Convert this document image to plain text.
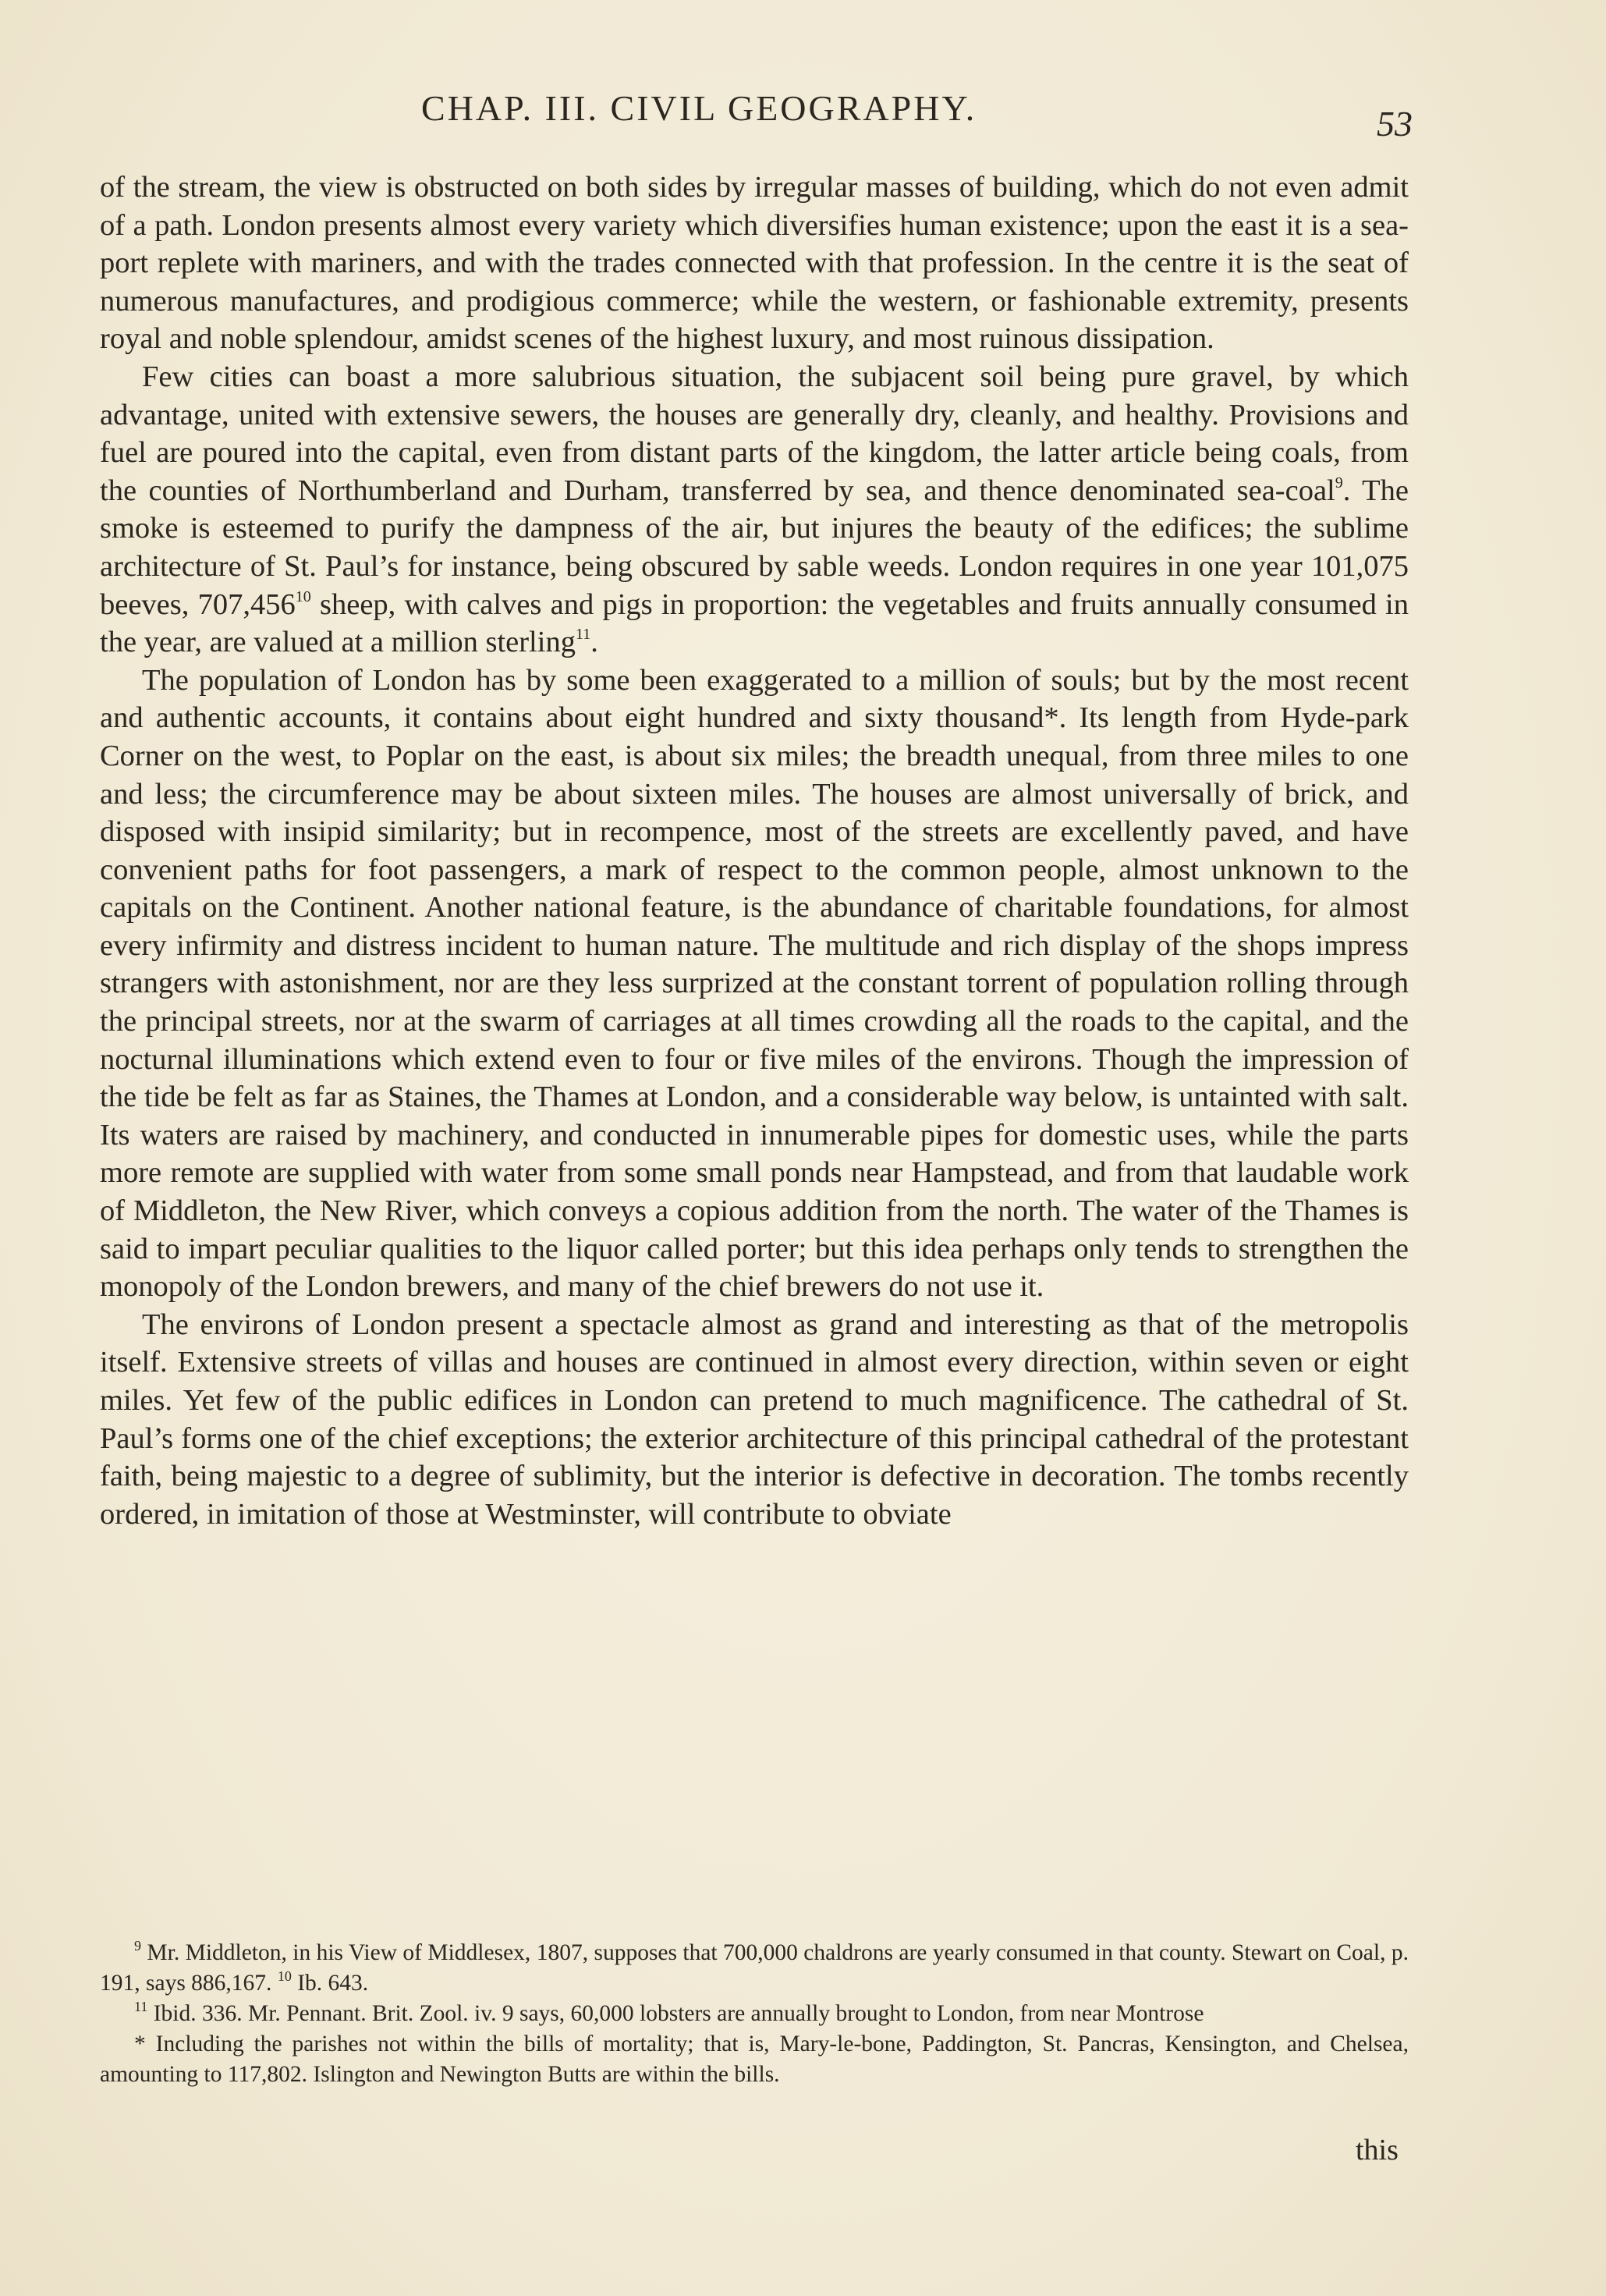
CHAP. III. CIVIL GEOGRAPHY.	53

of the stream, the view is obstructed on both sides by irregular masses of building, which do not even admit of a path. London presents almost every variety which diversifies human existence; upon the east it is a sea-port replete with mariners, and with the trades connected with that profession. In the centre it is the seat of numerous manufactures, and prodigious commerce; while the western, or fashionable extremity, presents royal and noble splendour, amidst scenes of the highest luxury, and most ruinous dissipation.

Few cities can boast a more salubrious situation, the subjacent soil being pure gravel, by which advantage, united with extensive sewers, the houses are generally dry, cleanly, and healthy. Provisions and fuel are poured into the capital, even from distant parts of the kingdom, the latter article being coals, from the counties of Northumberland and Durham, transferred by sea, and thence denominated sea-coal$^9$. The smoke is esteemed to purify the dampness of the air, but injures the beauty of the edifices; the sublime architecture of St. Paul’s for instance, being obscured by sable weeds. London requires in one year 101,075 beeves, 707,456$^{10}$ sheep, with calves and pigs in proportion: the vegetables and fruits annually consumed in the year, are valued at a million sterling$^{11}$.

The population of London has by some been exaggerated to a million of souls; but by the most recent and authentic accounts, it contains about eight hundred and sixty thousand*. Its length from Hyde-park Corner on the west, to Poplar on the east, is about six miles; the breadth unequal, from three miles to one and less; the circumference may be about sixteen miles. The houses are almost universally of brick, and disposed with insipid similarity; but in recompence, most of the streets are excellently paved, and have convenient paths for foot passengers, a mark of respect to the common people, almost unknown to the capitals on the Continent. Another national feature, is the abundance of charitable foundations, for almost every infirmity and distress incident to human nature. The multitude and rich display of the shops impress strangers with astonishment, nor are they less surprized at the constant torrent of population rolling through the principal streets, nor at the swarm of carriages at all times crowding all the roads to the capital, and the nocturnal illuminations which extend even to four or five miles of the environs. Though the impression of the tide be felt as far as Staines, the Thames at London, and a considerable way below, is untainted with salt. Its waters are raised by machinery, and conducted in innumerable pipes for domestic uses, while the parts more remote are supplied with water from some small ponds near Hampstead, and from that laudable work of Middleton, the New River, which conveys a copious addition from the north. The water of the Thames is said to impart peculiar qualities to the liquor called porter; but this idea perhaps only tends to strengthen the monopoly of the London brewers, and many of the chief brewers do not use it.

The environs of London present a spectacle almost as grand and interesting as that of the metropolis itself. Extensive streets of villas and houses are continued in almost every direction, within seven or eight miles. Yet few of the public edifices in London can pretend to much magnificence. The cathedral of St. Paul’s forms one of the chief exceptions; the exterior architecture of this principal cathedral of the protestant faith, being majestic to a degree of sublimity, but the interior is defective in decoration. The tombs recently ordered, in imitation of those at Westminster, will contribute to obviate

$^9$ Mr. Middleton, in his View of Middlesex, 1807, supposes that 700,000 chaldrons are yearly consumed in that county. Stewart on Coal, p. 191, says 886,167. $^{10}$ Ib. 643.

$^{11}$ Ibid. 336. Mr. Pennant. Brit. Zool. iv. 9 says, 60,000 lobsters are annually brought to London, from near Montrose

* Including the parishes not within the bills of mortality; that is, Mary-le-bone, Paddington, St. Pancras, Kensington, and Chelsea, amounting to 117,802. Islington and Newington Butts are within the bills.

this
